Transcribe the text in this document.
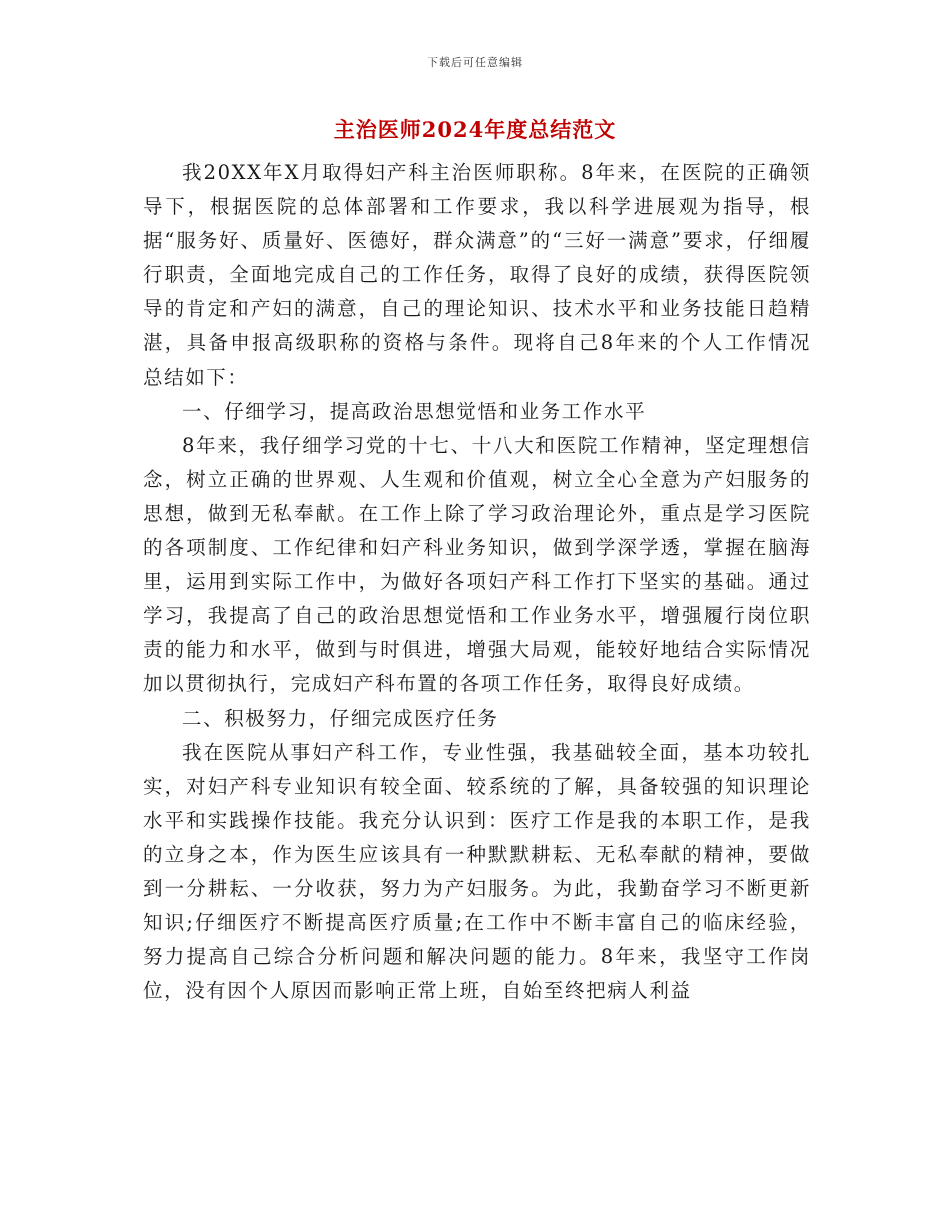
下载后可任意编辑
主治医师2024年度总结范文

我20XX年X月取得妇产科主治医师职称。8年来，在医院的正确领导下，根据医院的总体部署和工作要求，我以科学进展观为指导，根据“服务好、质量好、医德好，群众满意”的“三好一满意”要求，仔细履行职责，全面地完成自己的工作任务，取得了良好的成绩，获得医院领导的肯定和产妇的满意，自己的理论知识、技术水平和业务技能日趋精湛，具备申报高级职称的资格与条件。现将自己8年来的个人工作情况总结如下：

一、仔细学习，提高政治思想觉悟和业务工作水平

8年来，我仔细学习党的十七、十八大和医院工作精神，坚定理想信念，树立正确的世界观、人生观和价值观，树立全心全意为产妇服务的思想，做到无私奉献。在工作上除了学习政治理论外，重点是学习医院的各项制度、工作纪律和妇产科业务知识，做到学深学透，掌握在脑海里，运用到实际工作中，为做好各项妇产科工作打下坚实的基础。通过学习，我提高了自己的政治思想觉悟和工作业务水平，增强履行岗位职责的能力和水平，做到与时俱进，增强大局观，能较好地结合实际情况加以贯彻执行，完成妇产科布置的各项工作任务，取得良好成绩。

二、积极努力，仔细完成医疗任务

我在医院从事妇产科工作，专业性强，我基础较全面，基本功较扎实，对妇产科专业知识有较全面、较系统的了解，具备较强的知识理论水平和实践操作技能。我充分认识到：医疗工作是我的本职工作，是我的立身之本，作为医生应该具有一种默默耕耘、无私奉献的精神，要做到一分耕耘、一分收获，努力为产妇服务。为此，我勤奋学习不断更新知识;仔细医疗不断提高医疗质量;在工作中不断丰富自己的临床经验，努力提高自己综合分析问题和解决问题的能力。8年来，我坚守工作岗位，没有因个人原因而影响正常上班，自始至终把病人利益
